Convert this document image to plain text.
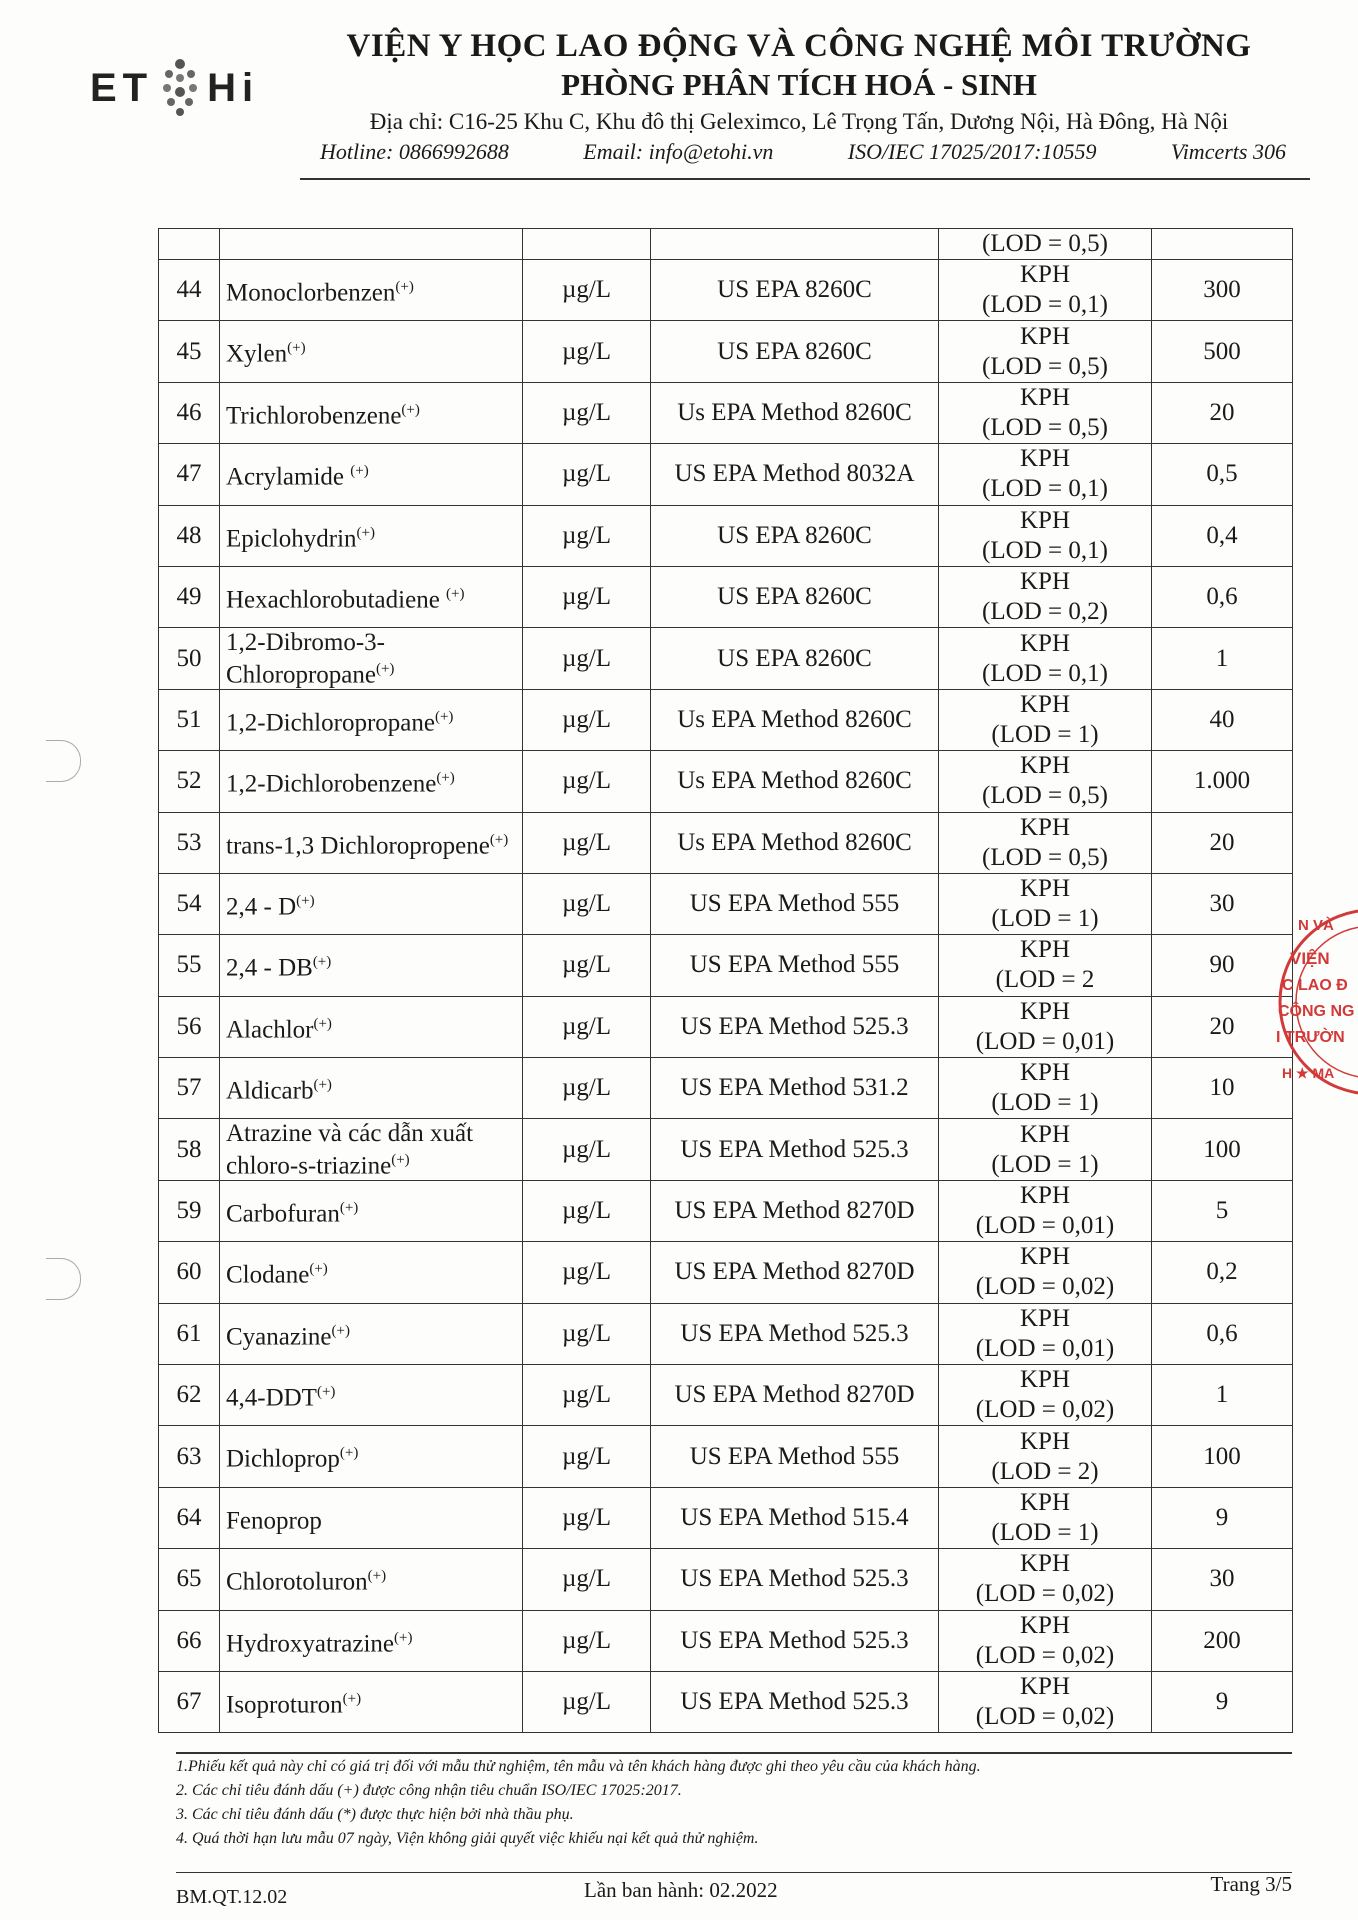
ET Hi
VIỆN Y HỌC LAO ĐỘNG VÀ CÔNG NGHỆ MÔI TRƯỜNG
PHÒNG PHÂN TÍCH HOÁ - SINH
Địa chỉ: C16-25 Khu C, Khu đô thị Geleximco, Lê Trọng Tấn, Dương Nội, Hà Đông, Hà Nội
Hotline: 0866992688	Email: info@etohi.vn	ISO/IEC 17025/2017:10559	Vimcerts 306
				(LOD = 0,5)	
44	Monoclorbenzen(+)	µg/L	US EPA 8260C	KPH
(LOD = 0,1)	300
45	Xylen(+)	µg/L	US EPA 8260C	KPH
(LOD = 0,5)	500
46	Trichlorobenzene(+)	µg/L	Us EPA Method 8260C	KPH
(LOD = 0,5)	20
47	Acrylamide (+)	µg/L	US EPA Method 8032A	KPH
(LOD = 0,1)	0,5
48	Epiclohydrin(+)	µg/L	US EPA 8260C	KPH
(LOD = 0,1)	0,4
49	Hexachlorobutadiene (+)	µg/L	US EPA 8260C	KPH
(LOD = 0,2)	0,6
50	1,2-Dibromo-3-Chloropropane(+)	µg/L	US EPA 8260C	KPH
(LOD = 0,1)	1
51	1,2-Dichloropropane(+)	µg/L	Us EPA Method 8260C	KPH
(LOD = 1)	40
52	1,2-Dichlorobenzene(+)	µg/L	Us EPA Method 8260C	KPH
(LOD = 0,5)	1.000
53	trans-1,3 Dichloropropene(+)	µg/L	Us EPA Method 8260C	KPH
(LOD = 0,5)	20
54	2,4 - D(+)	µg/L	US EPA Method 555	KPH
(LOD = 1)	30
55	2,4 - DB(+)	µg/L	US EPA Method 555	KPH
(LOD = 2	90
56	Alachlor(+)	µg/L	US EPA Method 525.3	KPH
(LOD = 0,01)	20
57	Aldicarb(+)	µg/L	US EPA Method 531.2	KPH
(LOD = 1)	10
58	Atrazine và các dẫn xuất chloro-s-triazine(+)	µg/L	US EPA Method 525.3	KPH
(LOD = 1)	100
59	Carbofuran(+)	µg/L	US EPA Method 8270D	KPH
(LOD = 0,01)	5
60	Clodane(+)	µg/L	US EPA Method 8270D	KPH
(LOD = 0,02)	0,2
61	Cyanazine(+)	µg/L	US EPA Method 525.3	KPH
(LOD = 0,01)	0,6
62	4,4-DDT(+)	µg/L	US EPA Method 8270D	KPH
(LOD = 0,02)	1
63	Dichloprop(+)	µg/L	US EPA Method 555	KPH
(LOD = 2)	100
64	Fenoprop	µg/L	US EPA Method 515.4	KPH
(LOD = 1)	9
65	Chlorotoluron(+)	µg/L	US EPA Method 525.3	KPH
(LOD = 0,02)	30
66	Hydroxyatrazine(+)	µg/L	US EPA Method 525.3	KPH
(LOD = 0,02)	200
67	Isoproturon(+)	µg/L	US EPA Method 525.3	KPH
(LOD = 0,02)	9
N VÀ
VIỆN
C LAO Đ
CÔNG NG
I TRƯỜN
H ★ MA
1.Phiếu kết quả này chỉ có giá trị đối với mẫu thử nghiệm, tên mẫu và tên khách hàng được ghi theo yêu cầu của khách hàng.
2. Các chỉ tiêu đánh dấu (+) được công nhận tiêu chuẩn ISO/IEC 17025:2017.
3. Các chỉ tiêu đánh dấu (*) được thực hiện bởi nhà thầu phụ.
4. Quá thời hạn lưu mẫu 07 ngày, Viện không giải quyết việc khiếu nại kết quả thử nghiệm.
BM.QT.12.02	Lần ban hành: 02.2022	Trang 3/5
